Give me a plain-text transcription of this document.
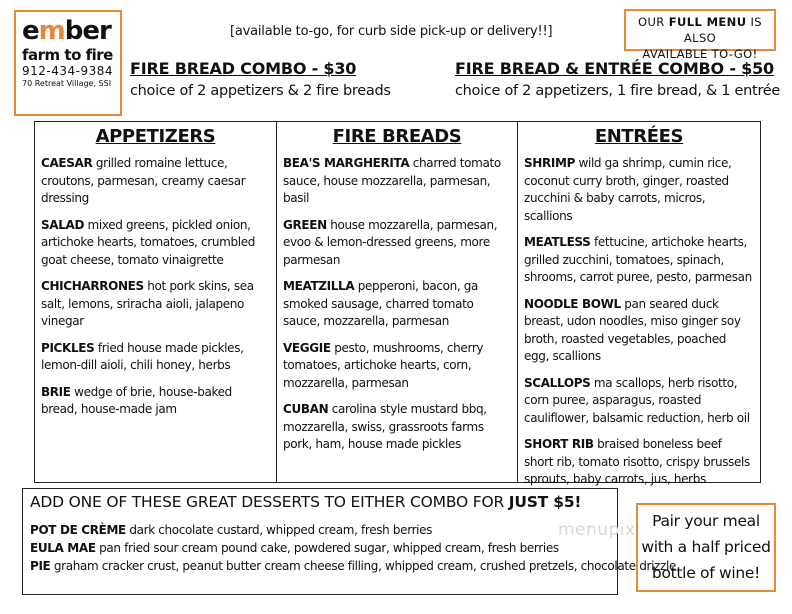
ember
farm to fire
912-434-9384
70 Retreat Village, SSI
[available to-go, for curb side pick-up or delivery!!]
OUR FULL MENU IS ALSO
AVAILABLE TO-GO!
FIRE BREAD COMBO - $30
choice of 2 appetizers & 2 fire breads
FIRE BREAD & ENTRÉE COMBO - $50
choice of 2 appetizers, 1 fire bread, & 1 entrée
APPETIZERS
CAESAR grilled romaine lettuce, croutons, parmesan, creamy caesar dressing
SALAD mixed greens, pickled onion, artichoke hearts, tomatoes, crumbled goat cheese, tomato vinaigrette
CHICHARRONES hot pork skins, sea salt, lemons, sriracha aioli, jalapeno vinegar
PICKLES fried house made pickles, lemon-dill aioli, chili honey, herbs
BRIE wedge of brie, house-baked bread, house-made jam
FIRE BREADS
BEA'S MARGHERITA charred tomato sauce, house mozzarella, parmesan, basil
GREEN house mozzarella, parmesan, evoo & lemon-dressed greens, more parmesan
MEATZILLA pepperoni, bacon, ga smoked sausage, charred tomato sauce, mozzarella, parmesan
VEGGIE pesto, mushrooms, cherry tomatoes, artichoke hearts, corn, mozzarella, parmesan
CUBAN carolina style mustard bbq, mozzarella, swiss, grassroots farms pork, ham, house made pickles
ENTRÉES
SHRIMP wild ga shrimp, cumin rice, coconut curry broth, ginger, roasted zucchini & baby carrots, micros, scallions
MEATLESS fettucine, artichoke hearts, grilled zucchini, tomatoes, spinach, shrooms, carrot puree, pesto, parmesan
NOODLE BOWL pan seared duck breast, udon noodles, miso ginger soy broth, roasted vegetables, poached egg, scallions
SCALLOPS ma scallops, herb risotto, corn puree, asparagus, roasted cauliflower, balsamic reduction, herb oil
SHORT RIB braised boneless beef short rib, tomato risotto, crispy brussels sprouts, baby carrots, jus, herbs
ADD ONE OF THESE GREAT DESSERTS TO EITHER COMBO FOR JUST $5!
POT DE CRÈME dark chocolate custard, whipped cream, fresh berries
EULA MAE pan fried sour cream pound cake, powdered sugar, whipped cream, fresh berries
PIE graham cracker crust, peanut butter cream cheese filling, whipped cream, crushed pretzels, chocolate drizzle
menupix	Pair your meal
with a half priced
bottle of wine!
